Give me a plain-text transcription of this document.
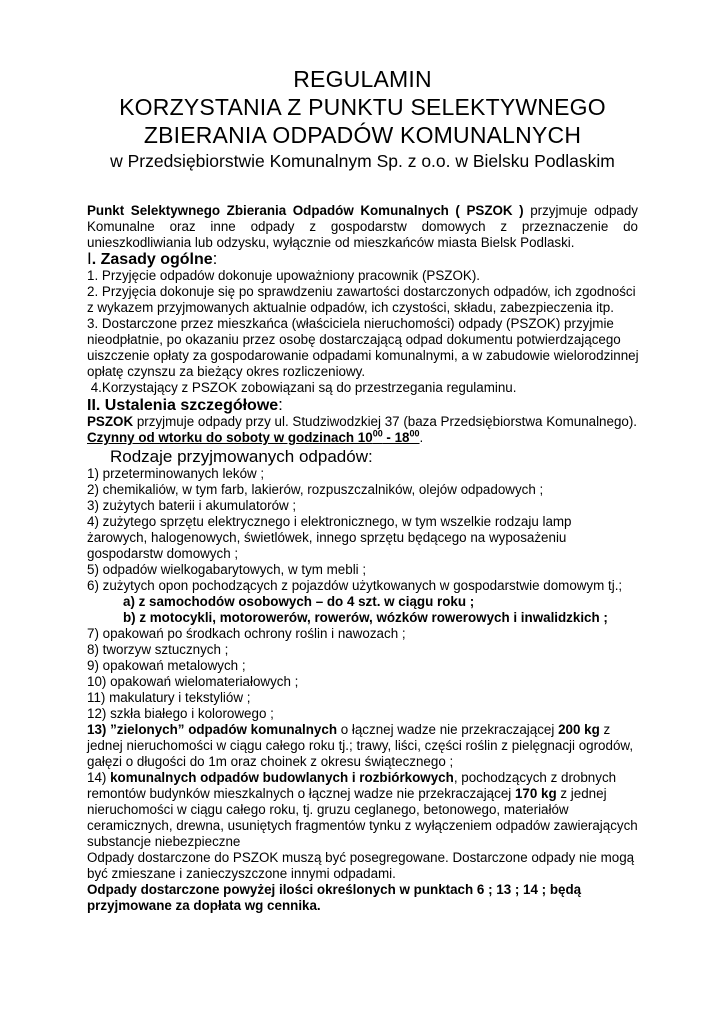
REGULAMIN
KORZYSTANIA Z PUNKTU SELEKTYWNEGO
ZBIERANIA ODPADÓW KOMUNALNYCH
w Przedsiębiorstwie Komunalnym Sp. z o.o. w Bielsku Podlaskim
Punkt Selektywnego Zbierania Odpadów Komunalnych ( PSZOK ) przyjmuje odpady
Komunalne oraz inne odpady z gospodarstw domowych z przeznaczenie do
unieszkodliwiania lub odzysku, wyłącznie od mieszkańców miasta Bielsk Podlaski.
I. Zasady ogólne:
1. Przyjęcie odpadów dokonuje upoważniony pracownik (PSZOK).
2. Przyjęcia dokonuje się po sprawdzeniu zawartości dostarczonych odpadów, ich zgodności
z wykazem przyjmowanych aktualnie odpadów, ich czystości, składu, zabezpieczenia itp.
3. Dostarczone przez mieszkańca (właściciela nieruchomości) odpady (PSZOK) przyjmie
nieodpłatnie, po okazaniu przez osobę dostarczającą odpad dokumentu potwierdzającego
uiszczenie opłaty za gospodarowanie odpadami komunalnymi, a w zabudowie wielorodzinnej
opłatę czynszu za bieżący okres rozliczeniowy.
4.Korzystający z PSZOK zobowiązani są do przestrzegania regulaminu.
II. Ustalenia szczegółowe:
PSZOK przyjmuje odpady przy ul. Studziwodzkiej 37 (baza Przedsiębiorstwa Komunalnego).
Czynny od wtorku do soboty w godzinach $10^{00} - 18^{00}$.
Rodzaje przyjmowanych odpadów:
1) przeterminowanych leków ;
2) chemikaliów, w tym farb, lakierów, rozpuszczalników, olejów odpadowych ;
3) zużytych baterii i akumulatorów ;
4) zużytego sprzętu elektrycznego i elektronicznego, w tym wszelkie rodzaju lamp
żarowych, halogenowych, świetlówek, innego sprzętu będącego na wyposażeniu
gospodarstw domowych ;
5) odpadów wielkogabarytowych, w tym mebli ;
6) zużytych opon pochodzących z pojazdów użytkowanych w gospodarstwie domowym tj.;
a) z samochodów osobowych – do 4 szt. w ciągu roku ;
b) z motocykli, motorowerów, rowerów, wózków rowerowych i inwalidzkich ;
7) opakowań po środkach ochrony roślin i nawozach ;
8) tworzyw sztucznych ;
9) opakowań metalowych ;
10) opakowań wielomateriałowych ;
11) makulatury i tekstyliów ;
12) szkła białego i kolorowego ;
13) ”zielonych” odpadów komunalnych o łącznej wadze nie przekraczającej 200 kg z
jednej nieruchomości w ciągu całego roku tj.; trawy, liści, części roślin z pielęgnacji ogrodów,
gałęzi o długości do 1m oraz choinek z okresu świątecznego ;
14) komunalnych odpadów budowlanych i rozbiórkowych, pochodzących z drobnych
remontów budynków mieszkalnych o łącznej wadze nie przekraczającej 170 kg z jednej
nieruchomości w ciągu całego roku, tj. gruzu ceglanego, betonowego, materiałów
ceramicznych, drewna, usuniętych fragmentów tynku z wyłączeniem odpadów zawierających
substancje niebezpieczne
Odpady dostarczone do PSZOK muszą być posegregowane. Dostarczone odpady nie mogą
być zmieszane i zanieczyszczone innymi odpadami.
Odpady dostarczone powyżej ilości określonych w punktach 6 ; 13 ; 14 ; będą
przyjmowane za dopłata wg cennika.
